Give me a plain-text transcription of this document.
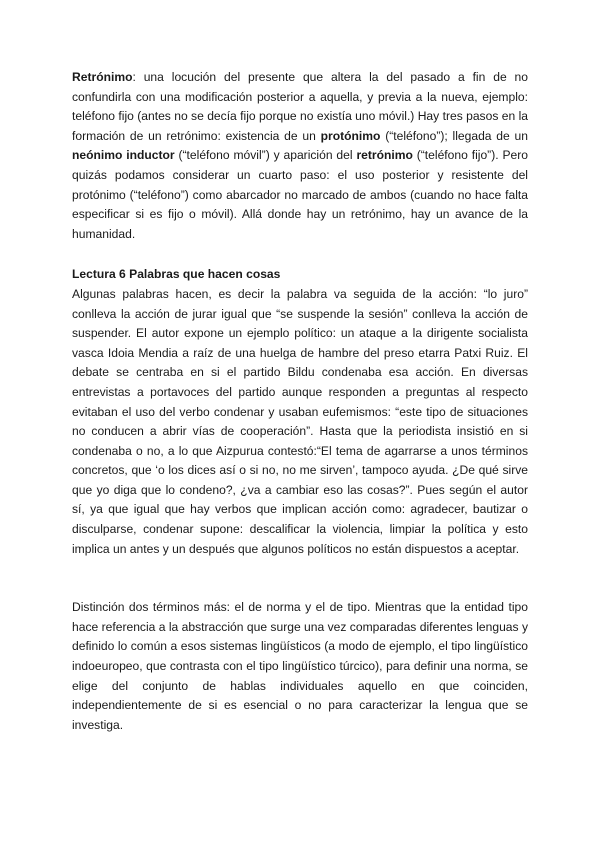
Retrónimo: una locución del presente que altera la del pasado a fin de no confundirla con una modificación posterior a aquella, y previa a la nueva, ejemplo: teléfono fijo (antes no se decía fijo porque no existía uno móvil.) Hay tres pasos en la formación de un retrónimo: existencia de un protónimo (“teléfono”); llegada de un neónimo inductor (“teléfono móvil”) y aparición del retrónimo (“teléfono fijo”). Pero quizás podamos considerar un cuarto paso: el uso posterior y resistente del protónimo (“teléfono”) como abarcador no marcado de ambos (cuando no hace falta especificar si es fijo o móvil). Allá donde hay un retrónimo, hay un avance de la humanidad.

Lectura 6 Palabras que hacen cosas

Algunas palabras hacen, es decir la palabra va seguida de la acción: “lo juro” conlleva la acción de jurar igual que “se suspende la sesión” conlleva la acción de suspender. El autor expone un ejemplo político: un ataque a la dirigente socialista vasca Idoia Mendia a raíz de una huelga de hambre del preso etarra Patxi Ruiz. El debate se centraba en si el partido Bildu condenaba esa acción. En diversas entrevistas a portavoces del partido aunque responden a preguntas al respecto evitaban el uso del verbo condenar y usaban eufemismos: “este tipo de situaciones no conducen a abrir vías de cooperación”. Hasta que la periodista insistió en si condenaba o no, a lo que Aizpurua contestó:“El tema de agarrarse a unos términos concretos, que ‘o los dices así o si no, no me sirven’, tampoco ayuda. ¿De qué sirve que yo diga que lo condeno?, ¿va a cambiar eso las cosas?”. Pues según el autor sí, ya que igual que hay verbos que implican acción como: agradecer, bautizar o disculparse, condenar supone: descalificar la violencia, limpiar la política y esto implica un antes y un después que algunos políticos no están dispuestos a aceptar.

Distinción dos términos más: el de norma y el de tipo. Mientras que la entidad tipo hace referencia a la abstracción que surge una vez comparadas diferentes lenguas y definido lo común a esos sistemas lingüísticos (a modo de ejemplo, el tipo lingüístico indoeuropeo, que contrasta con el tipo lingüístico túrcico), para definir una norma, se elige del conjunto de hablas individuales aquello en que coinciden, independientemente de si es esencial o no para caracterizar la lengua que se investiga.
